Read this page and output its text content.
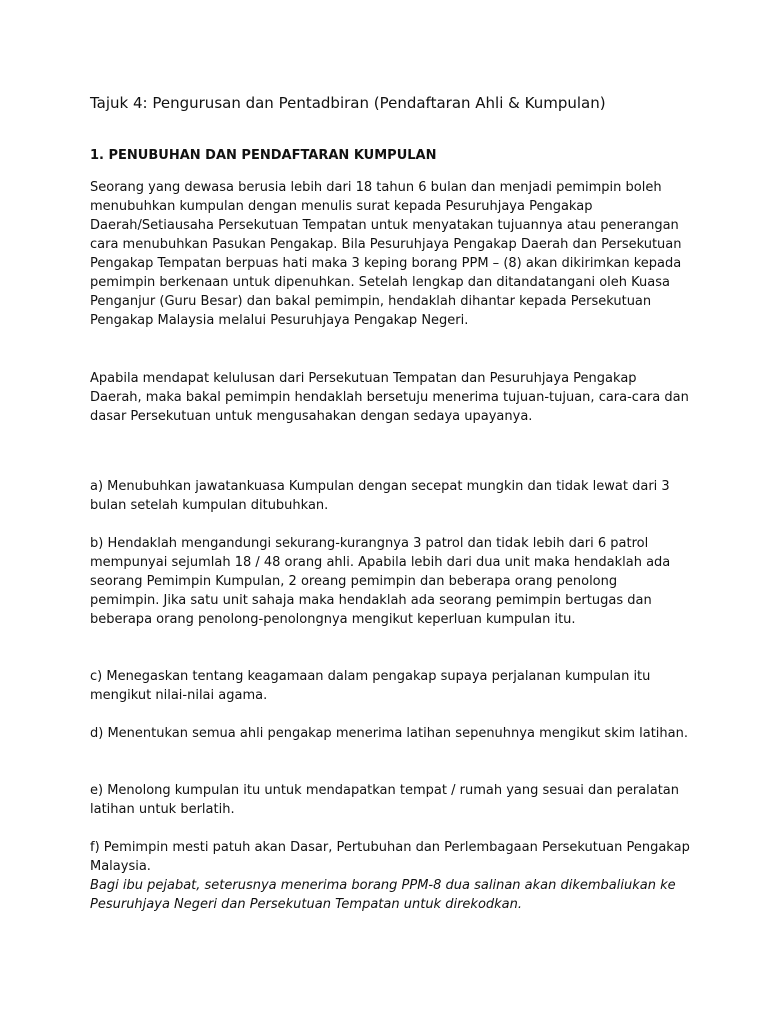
Tajuk 4: Pengurusan dan Pentadbiran (Pendaftaran Ahli & Kumpulan)
1. PENUBUHAN DAN PENDAFTARAN KUMPULAN

Seorang yang dewasa berusia lebih dari 18 tahun 6 bulan dan menjadi pemimpin boleh menubuhkan kumpulan dengan menulis surat kepada Pesuruhjaya Pengakap Daerah/Setiausaha Persekutuan Tempatan untuk menyatakan tujuannya atau penerangan cara menubuhkan Pasukan Pengakap. Bila Pesuruhjaya Pengakap Daerah dan Persekutuan Pengakap Tempatan berpuas hati maka 3 keping borang PPM – (8) akan dikirimkan kepada pemimpin berkenaan untuk dipenuhkan. Setelah lengkap dan ditandatangani oleh Kuasa Penganjur (Guru Besar) dan bakal pemimpin, hendaklah dihantar kepada Persekutuan Pengakap Malaysia melalui Pesuruhjaya Pengakap Negeri.

Apabila mendapat kelulusan dari Persekutuan Tempatan dan Pesuruhjaya Pengakap Daerah, maka bakal pemimpin hendaklah bersetuju menerima tujuan-tujuan, cara-cara dan dasar Persekutuan untuk mengusahakan dengan sedaya upayanya.

a) Menubuhkan jawatankuasa Kumpulan dengan secepat mungkin dan tidak lewat dari 3 bulan setelah kumpulan ditubuhkan.

b) Hendaklah mengandungi sekurang-kurangnya 3 patrol dan tidak lebih dari 6 patrol mempunyai sejumlah 18 / 48 orang ahli. Apabila lebih dari dua unit maka hendaklah ada seorang Pemimpin Kumpulan, 2 oreang pemimpin dan beberapa orang penolong pemimpin. Jika satu unit sahaja maka hendaklah ada seorang pemimpin bertugas dan beberapa orang penolong-penolongnya mengikut keperluan kumpulan itu.

c) Menegaskan tentang keagamaan dalam pengakap supaya perjalanan kumpulan itu mengikut nilai-nilai agama.

d) Menentukan semua ahli pengakap menerima latihan sepenuhnya mengikut skim latihan.

e) Menolong kumpulan itu untuk mendapatkan tempat / rumah yang sesuai dan peralatan latihan untuk berlatih.

f) Pemimpin mesti patuh akan Dasar, Pertubuhan dan Perlembagaan Persekutuan Pengakap Malaysia.
Bagi ibu pejabat, seterusnya menerima borang PPM-8 dua salinan akan dikembaliukan ke Pesuruhjaya Negeri dan Persekutuan Tempatan untuk direkodkan.
